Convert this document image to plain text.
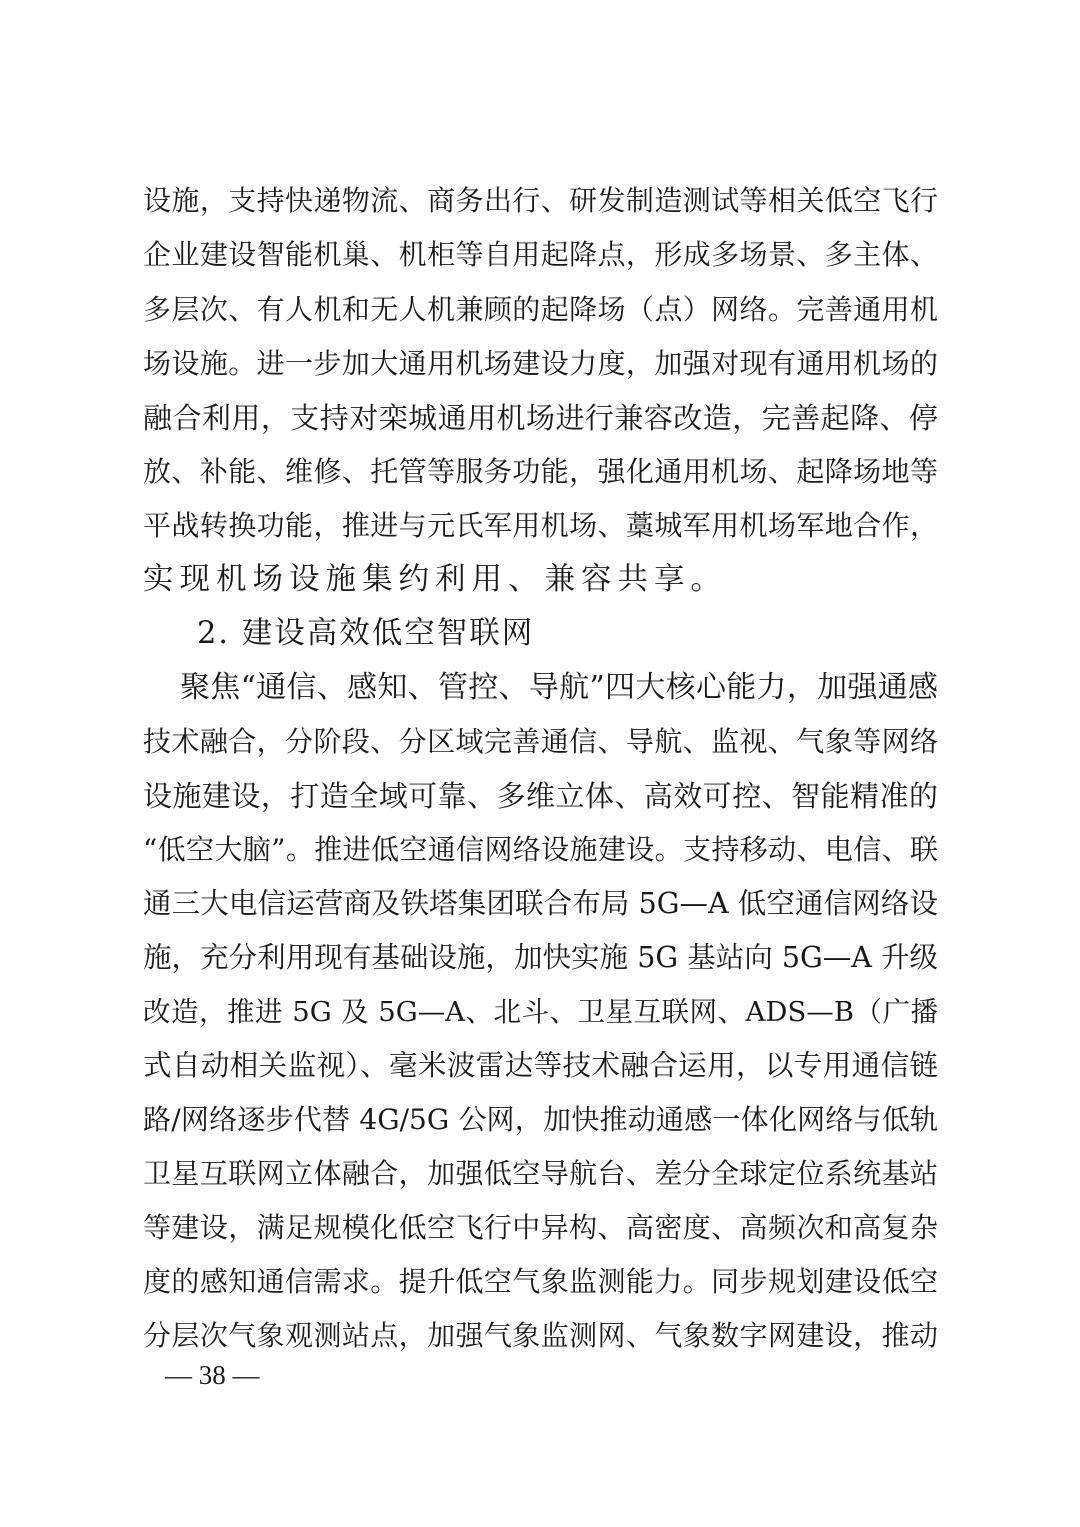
设施，支持快递物流、商务出行、研发制造测试等相关低空飞行
企业建设智能机巢、机柜等自用起降点，形成多场景、多主体、
多层次、有人机和无人机兼顾的起降场（点）网络。完善通用机
场设施。进一步加大通用机场建设力度，加强对现有通用机场的
融合利用，支持对栾城通用机场进行兼容改造，完善起降、停
放、补能、维修、托管等服务功能，强化通用机场、起降场地等
平战转换功能，推进与元氏军用机场、藁城军用机场军地合作，
实现机场设施集约利用、兼容共享。
2. 建设高效低空智联网
聚焦“通信、感知、管控、导航”四大核心能力，加强通感
技术融合，分阶段、分区域完善通信、导航、监视、气象等网络
设施建设，打造全域可靠、多维立体、高效可控、智能精准的
“低空大脑”。推进低空通信网络设施建设。支持移动、电信、联
通三大电信运营商及铁塔集团联合布局 5G—A 低空通信网络设
施，充分利用现有基础设施，加快实施 5G 基站向 5G—A 升级
改造，推进 5G 及 5G—A、北斗、卫星互联网、ADS—B（广播
式自动相关监视）、毫米波雷达等技术融合运用，以专用通信链
路/网络逐步代替 4G/5G 公网，加快推动通感一体化网络与低轨
卫星互联网立体融合，加强低空导航台、差分全球定位系统基站
等建设，满足规模化低空飞行中异构、高密度、高频次和高复杂
度的感知通信需求。提升低空气象监测能力。同步规划建设低空
分层次气象观测站点，加强气象监测网、气象数字网建设，推动
— 38 —
